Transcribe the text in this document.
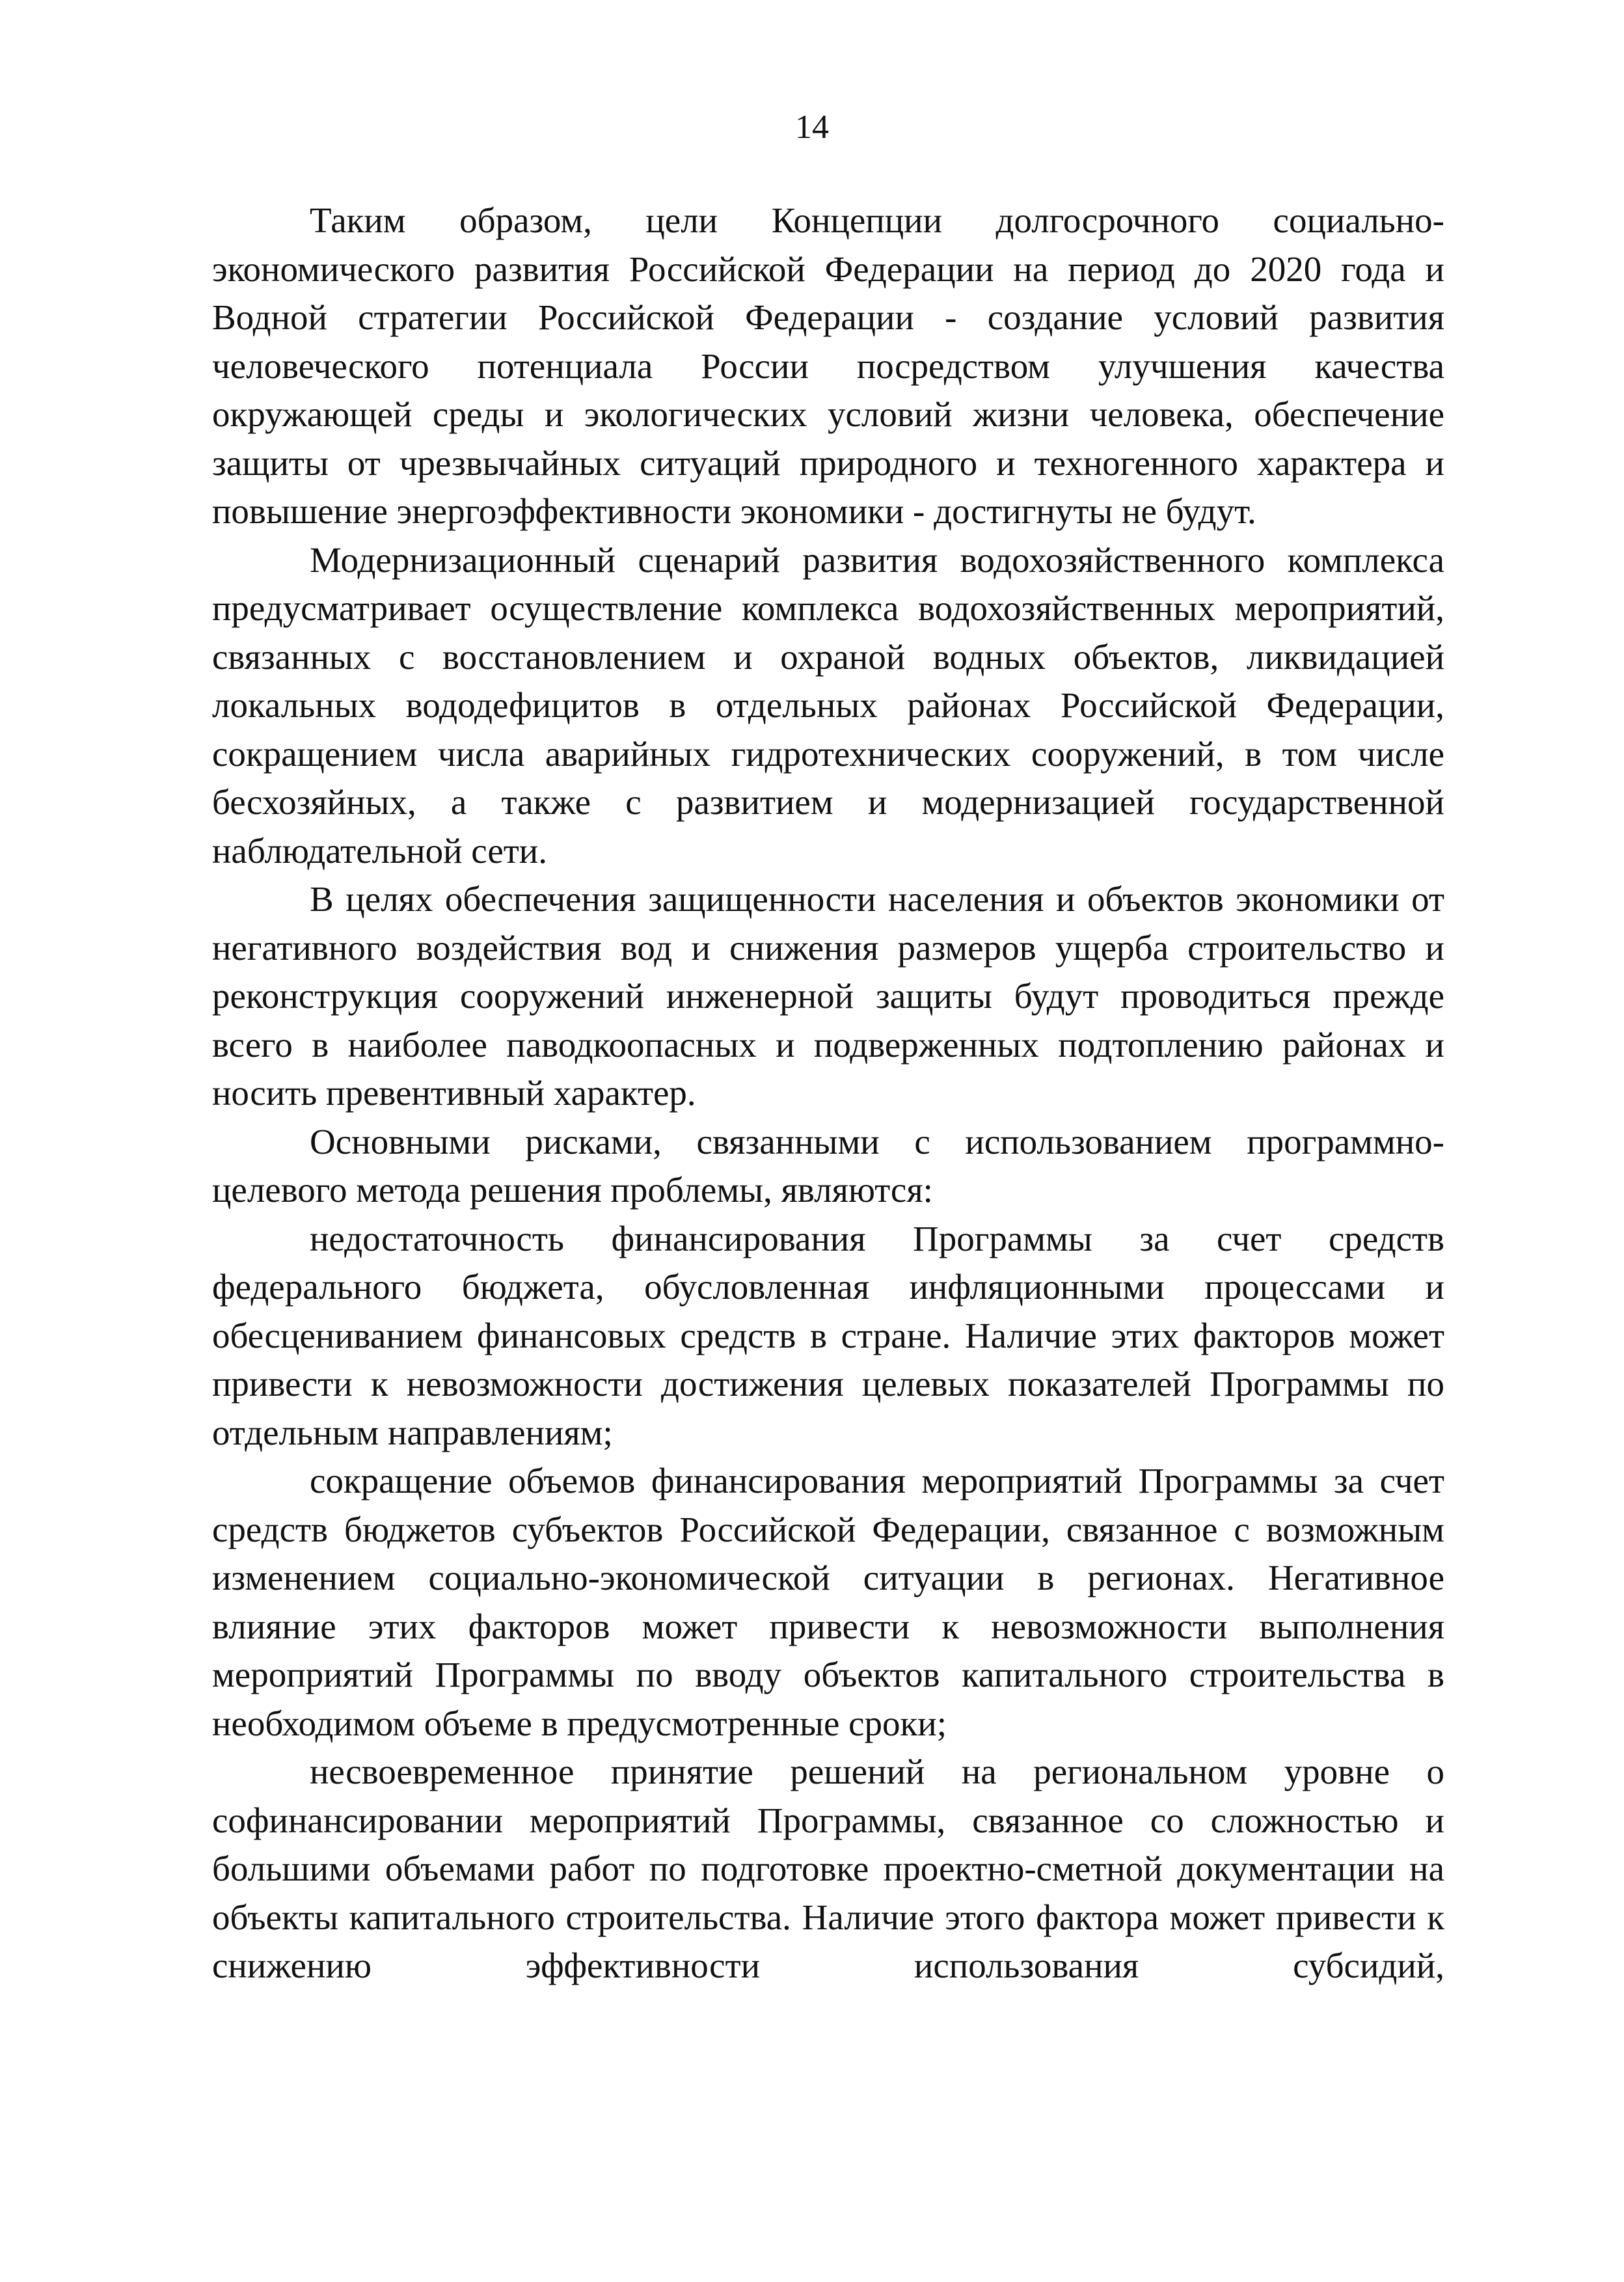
14

Таким образом, цели Концепции долгосрочного социально-экономического развития Российской Федерации на период до 2020 года и Водной стратегии Российской Федерации - создание условий развития человеческого потенциала России посредством улучшения качества окружающей среды и экологических условий жизни человека, обеспечение защиты от чрезвычайных ситуаций природного и техногенного характера и повышение энергоэффективности экономики - достигнуты не будут.

Модернизационный сценарий развития водохозяйственного комплекса предусматривает осуществление комплекса водохозяйственных мероприятий, связанных с восстановлением и охраной водных объектов, ликвидацией локальных вододефицитов в отдельных районах Российской Федерации, сокращением числа аварийных гидротехнических сооружений, в том числе бесхозяйных, а также с развитием и модернизацией государственной наблюдательной сети.

В целях обеспечения защищенности населения и объектов экономики от негативного воздействия вод и снижения размеров ущерба строительство и реконструкция сооружений инженерной защиты будут проводиться прежде всего в наиболее паводкоопасных и подверженных подтоплению районах и носить превентивный характер.

Основными рисками, связанными с использованием программно-целевого метода решения проблемы, являются:

недостаточность финансирования Программы за счет средств федерального бюджета, обусловленная инфляционными процессами и обесцениванием финансовых средств в стране. Наличие этих факторов может привести к невозможности достижения целевых показателей Программы по отдельным направлениям;

сокращение объемов финансирования мероприятий Программы за счет средств бюджетов субъектов Российской Федерации, связанное с возможным изменением социально-экономической ситуации в регионах. Негативное влияние этих факторов может привести к невозможности выполнения мероприятий Программы по вводу объектов капитального строительства в необходимом объеме в предусмотренные сроки;

несвоевременное принятие решений на региональном уровне о софинансировании мероприятий Программы, связанное со сложностью и большими объемами работ по подготовке проектно-сметной документации на объекты капитального строительства. Наличие этого фактора может привести к снижению эффективности использования субсидий,
